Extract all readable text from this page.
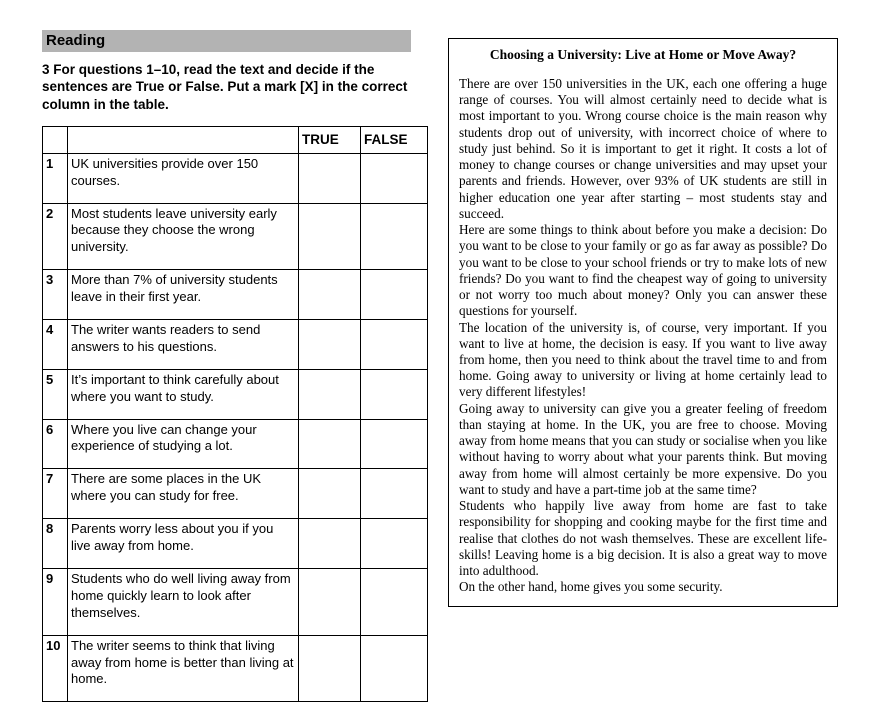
Reading

3 For questions 1–10, read the text and decide if the sentences are True or False. Put a mark [X] in the correct column in the table.

		TRUE	FALSE
1	UK universities provide over 150 courses.		
2	Most students leave university early because they choose the wrong university.		
3	More than 7% of university students leave in their first year.		
4	The writer wants readers to send answers to his questions.		
5	It’s important to think carefully about where you want to study.		
6	Where you live can change your experience of studying a lot.		
7	There are some places in the UK where you can study for free.		
8	Parents worry less about you if you live away from home.		
9	Students who do well living away from home quickly learn to look after themselves.		
10	The writer seems to think that living away from home is better than living at home.		
Choosing a University: Live at Home or Move Away?

There are over 150 universities in the UK, each one offering a huge range of courses. You will almost certainly need to decide what is most important to you. Wrong course choice is the main reason why students drop out of university, with incorrect choice of where to study just behind. So it is important to get it right. It costs a lot of money to change courses or change universities and may upset your parents and friends. However, over 93% of UK students are still in higher education one year after starting – most students stay and succeed.

Here are some things to think about before you make a decision: Do you want to be close to your family or go as far away as possible? Do you want to be close to your school friends or try to make lots of new friends? Do you want to find the cheapest way of going to university or not worry too much about money? Only you can answer these questions for yourself.

The location of the university is, of course, very important. If you want to live at home, the decision is easy. If you want to live away from home, then you need to think about the travel time to and from home. Going away to university or living at home certainly lead to very different lifestyles!

Going away to university can give you a greater feeling of freedom than staying at home. In the UK, you are free to choose. Moving away from home means that you can study or socialise when you like without having to worry about what your parents think. But moving away from home will almost certainly be more expensive. Do you want to study and have a part-time job at the same time?

Students who happily live away from home are fast to take responsibility for shopping and cooking maybe for the first time and realise that clothes do not wash themselves. These are excellent life-skills! Leaving home is a big decision. It is also a great way to move into adulthood.

On the other hand, home gives you some security.
